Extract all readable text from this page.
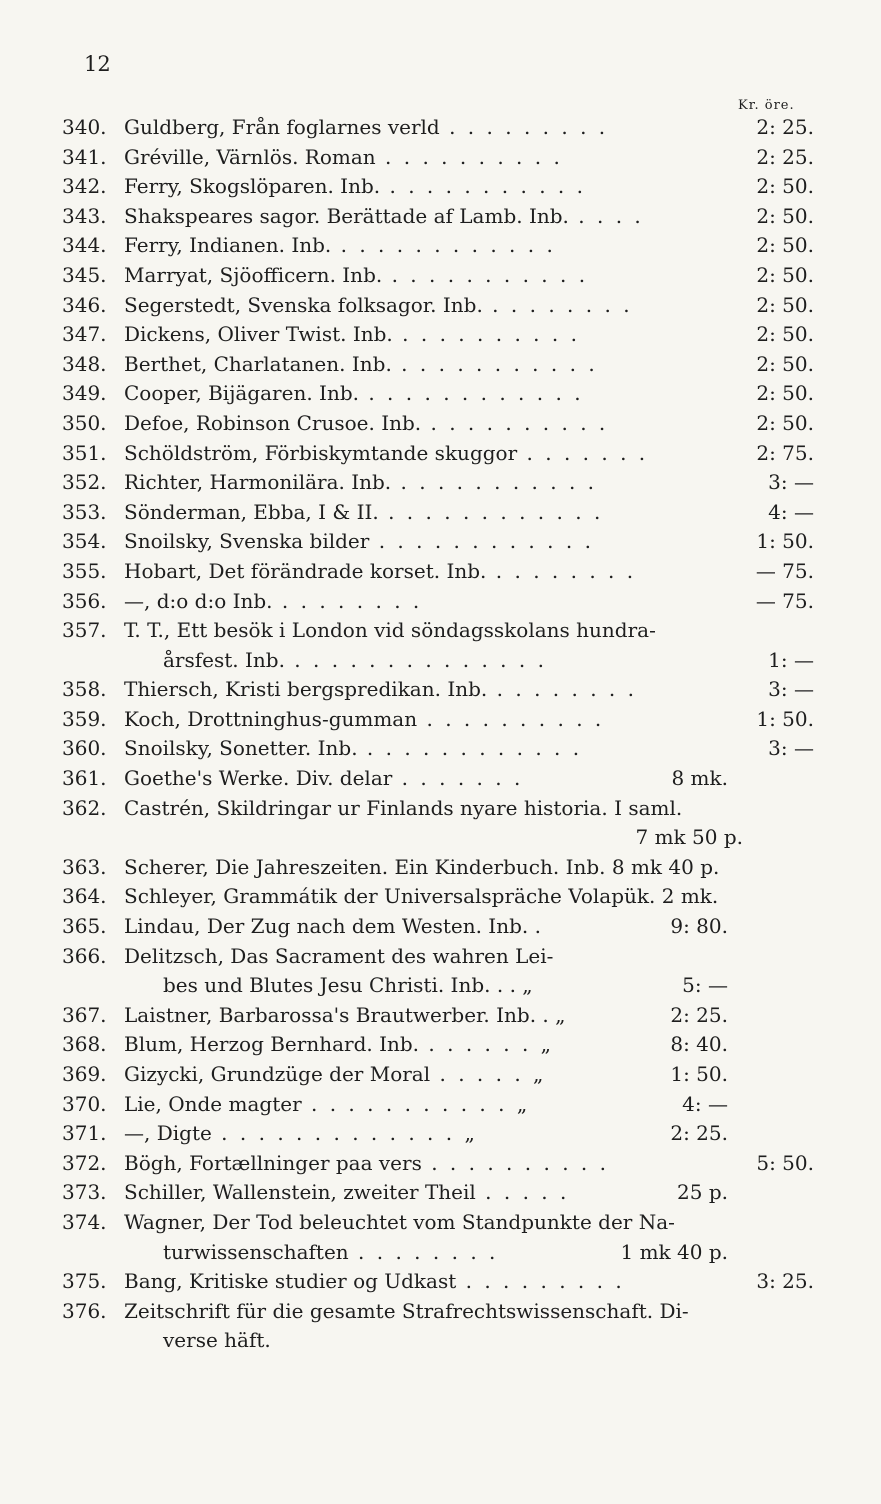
12
Kr. öre.
340. Guldberg, Från foglarnes verld . . . . . . . . .	2: 25.
341. Gréville, Värnlös. Roman . . . . . . . . . .	2: 25.
342. Ferry, Skogslöparen. Inb. . . . . . . . . . . .	2: 50.
343. Shakspeares sagor. Berättade af Lamb. Inb. . . . .	2: 50.
344. Ferry, Indianen. Inb. . . . . . . . . . . . .	2: 50.
345. Marryat, Sjöofficern. Inb. . . . . . . . . . . .	2: 50.
346. Segerstedt, Svenska folksagor. Inb. . . . . . . . .	2: 50.
347. Dickens, Oliver Twist. Inb. . . . . . . . . . .	2: 50.
348. Berthet, Charlatanen. Inb. . . . . . . . . . . .	2: 50.
349. Cooper, Bijägaren. Inb. . . . . . . . . . . . .	2: 50.
350. Defoe, Robinson Crusoe. Inb. . . . . . . . . . .	2: 50.
351. Schöldström, Förbiskymtande skuggor . . . . . . .	2: 75.
352. Richter, Harmonilära. Inb. . . . . . . . . . . .	3: —
353. Sönderman, Ebba, I & II. . . . . . . . . . . . .	4: —
354. Snoilsky, Svenska bilder . . . . . . . . . . . .	1: 50.
355. Hobart, Det förändrade korset. Inb. . . . . . . . .	— 75.
356. —, d:o d:o Inb. . . . . . . . .	— 75.
357. T. T., Ett besök i London vid söndagsskolans hundra-
årsfest. Inb. . . . . . . . . . . . . . .	1: —
358. Thiersch, Kristi bergspredikan. Inb. . . . . . . . .	3: —
359. Koch, Drottninghus-gumman . . . . . . . . . .	1: 50.
360. Snoilsky, Sonetter. Inb. . . . . . . . . . . . .	3: —
361. Goethe's Werke. Div. delar . . . . . . .	8 mk.
362. Castrén, Skildringar ur Finlands nyare historia. I saml.
7 mk 50 p.
363. Scherer, Die Jahreszeiten. Ein Kinderbuch. Inb. 8 mk 40 p.
364. Schleyer, Grammátik der Universalspräche Volapük. 2 mk.
365. Lindau, Der Zug nach dem Westen. Inb. .	9: 80.
366. Delitzsch, Das Sacrament des wahren Lei-
bes und Blutes Jesu Christi. Inb. . . „	5: —
367. Laistner, Barbarossa's Brautwerber. Inb. . „	2: 25.
368. Blum, Herzog Bernhard. Inb. . . . . . . „	8: 40.
369. Gizycki, Grundzüge der Moral . . . . . „	1: 50.
370. Lie, Onde magter . . . . . . . . . . . „	4: —
371. —, Digte . . . . . . . . . . . . . „	2: 25.
372. Bögh, Fortællninger paa vers . . . . . . . . . .	5: 50.
373. Schiller, Wallenstein, zweiter Theil . . . . .	25 p.
374. Wagner, Der Tod beleuchtet vom Standpunkte der Na-
turwissenschaften . . . . . . . .	1 mk 40 p.
375. Bang, Kritiske studier og Udkast . . . . . . . . .	3: 25.
376. Zeitschrift für die gesamte Strafrechtswissenschaft. Di-
verse häft.
